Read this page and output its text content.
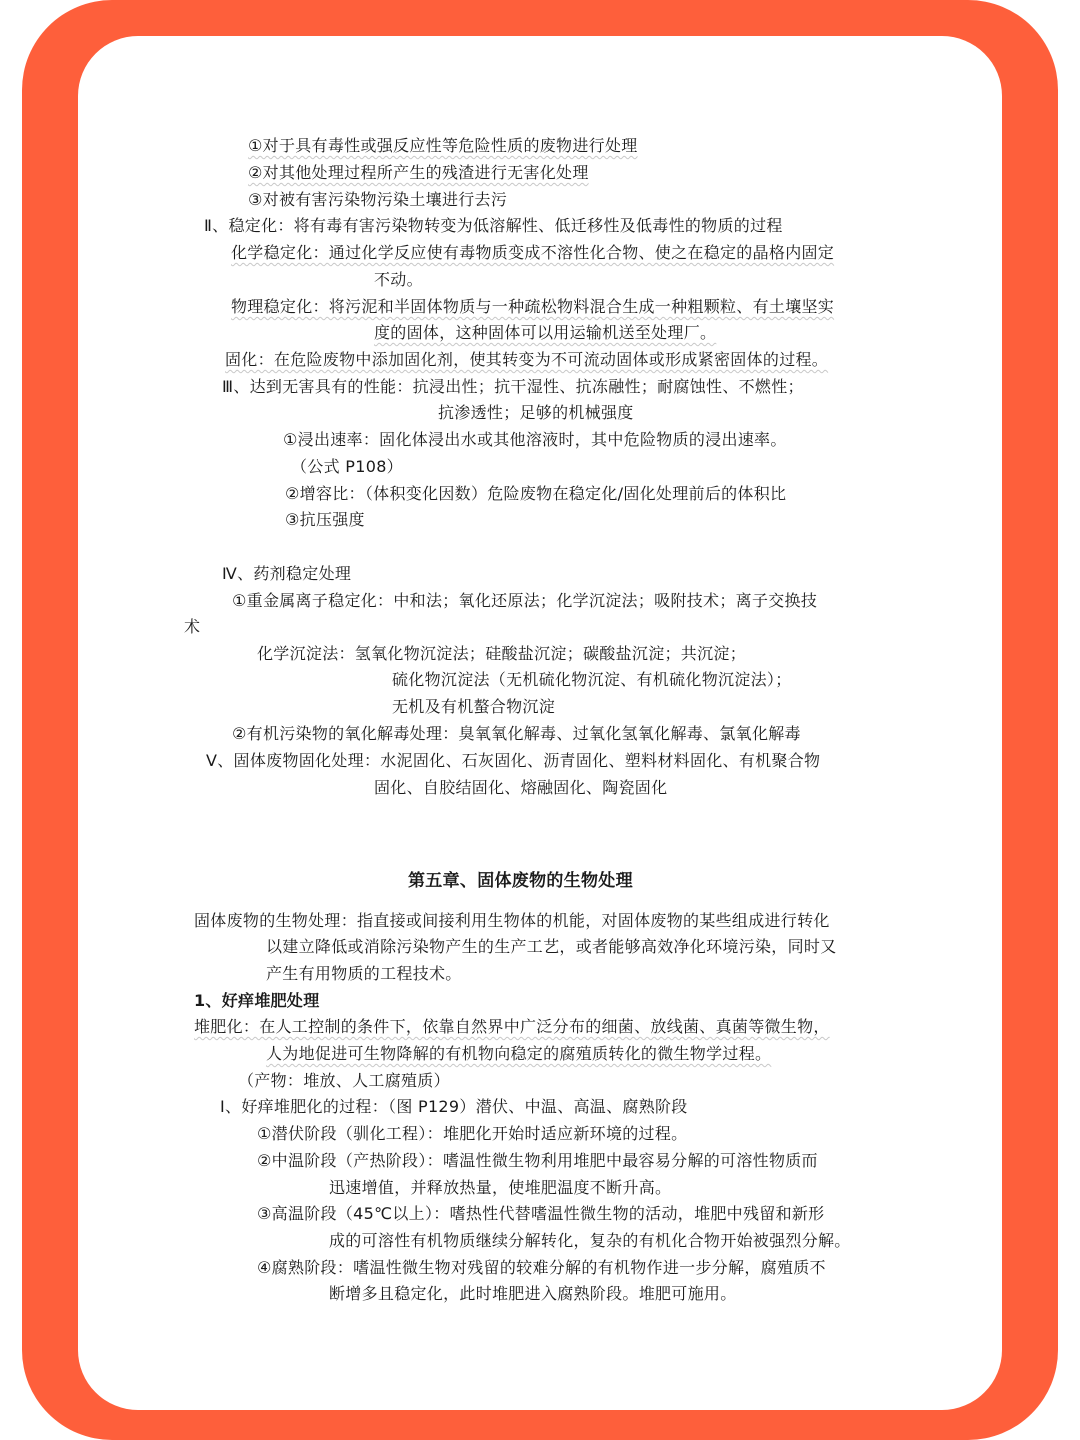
①对于具有毒性或强反应性等危险性质的废物进行处理
②对其他处理过程所产生的残渣进行无害化处理
③对被有害污染物污染土壤进行去污
Ⅱ、稳定化：将有毒有害污染物转变为低溶解性、低迁移性及低毒性的物质的过程
化学稳定化：通过化学反应使有毒物质变成不溶性化合物、使之在稳定的晶格内固定
不动。
物理稳定化：将污泥和半固体物质与一种疏松物料混合生成一种粗颗粒、有土壤坚实
度的固体，这种固体可以用运输机送至处理厂。
固化：在危险废物中添加固化剂，使其转变为不可流动固体或形成紧密固体的过程。
Ⅲ、达到无害具有的性能：抗浸出性；抗干湿性、抗冻融性；耐腐蚀性、不燃性；
抗渗透性；足够的机械强度
①浸出速率：固化体浸出水或其他溶液时，其中危险物质的浸出速率。
（公式 P108）
②增容比：（体积变化因数）危险废物在稳定化/固化处理前后的体积比
③抗压强度
Ⅳ、药剂稳定处理
①重金属离子稳定化：中和法；氧化还原法；化学沉淀法；吸附技术；离子交换技
术
化学沉淀法：氢氧化物沉淀法；硅酸盐沉淀；碳酸盐沉淀；共沉淀；
硫化物沉淀法（无机硫化物沉淀、有机硫化物沉淀法）；
无机及有机螯合物沉淀
②有机污染物的氧化解毒处理：臭氧氧化解毒、过氧化氢氧化解毒、氯氧化解毒
Ⅴ、固体废物固化处理：水泥固化、石灰固化、沥青固化、塑料材料固化、有机聚合物
固化、自胶结固化、熔融固化、陶瓷固化
第五章、固体废物的生物处理
固体废物的生物处理：指直接或间接利用生物体的机能，对固体废物的某些组成进行转化
以建立降低或消除污染物产生的生产工艺，或者能够高效净化环境污染，同时又
产生有用物质的工程技术。
1、好痒堆肥处理
堆肥化：在人工控制的条件下，依靠自然界中广泛分布的细菌、放线菌、真菌等微生物，
人为地促进可生物降解的有机物向稳定的腐殖质转化的微生物学过程。
（产物：堆放、人工腐殖质）
Ⅰ、好痒堆肥化的过程：（图 P129）潜伏、中温、高温、腐熟阶段
①潜伏阶段（驯化工程）：堆肥化开始时适应新环境的过程。
②中温阶段（产热阶段）：嗜温性微生物利用堆肥中最容易分解的可溶性物质而
迅速增值，并释放热量，使堆肥温度不断升高。
③高温阶段（45℃以上）：嗜热性代替嗜温性微生物的活动，堆肥中残留和新形
成的可溶性有机物质继续分解转化，复杂的有机化合物开始被强烈分解。
④腐熟阶段：嗜温性微生物对残留的较难分解的有机物作进一步分解，腐殖质不
断增多且稳定化，此时堆肥进入腐熟阶段。堆肥可施用。
